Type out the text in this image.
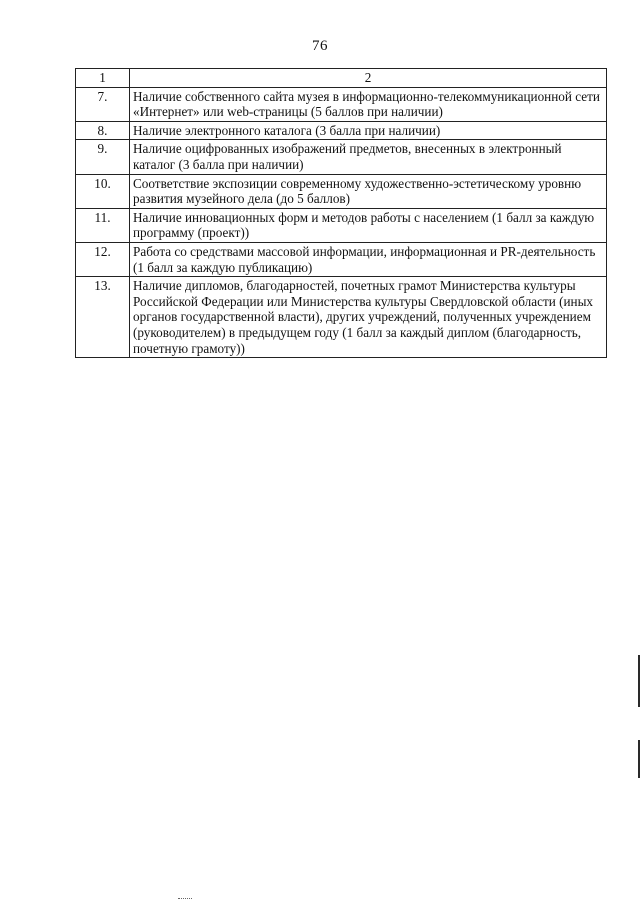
76
1	2
7.	Наличие собственного сайта музея в информационно-телекоммуникационной сети «Интернет» или web-страницы (5 баллов при наличии)
8.	Наличие электронного каталога (3 балла при наличии)
9.	Наличие оцифрованных изображений предметов, внесенных в электронный каталог (3 балла при наличии)
10.	Соответствие экспозиции современному художественно-эстетическому уровню развития музейного дела (до 5 баллов)
11.	Наличие инновационных форм и методов работы с населением (1 балл за каждую программу (проект))
12.	Работа со средствами массовой информации, информационная и PR-деятельность (1 балл за каждую публикацию)
13.	Наличие дипломов, благодарностей, почетных грамот Министерства культуры Российской Федерации или Министерства культуры Свердловской области (иных органов государственной власти), других учреждений, полученных учреждением (руководителем) в предыдущем году (1 балл за каждый диплом (благодарность, почетную грамоту))
